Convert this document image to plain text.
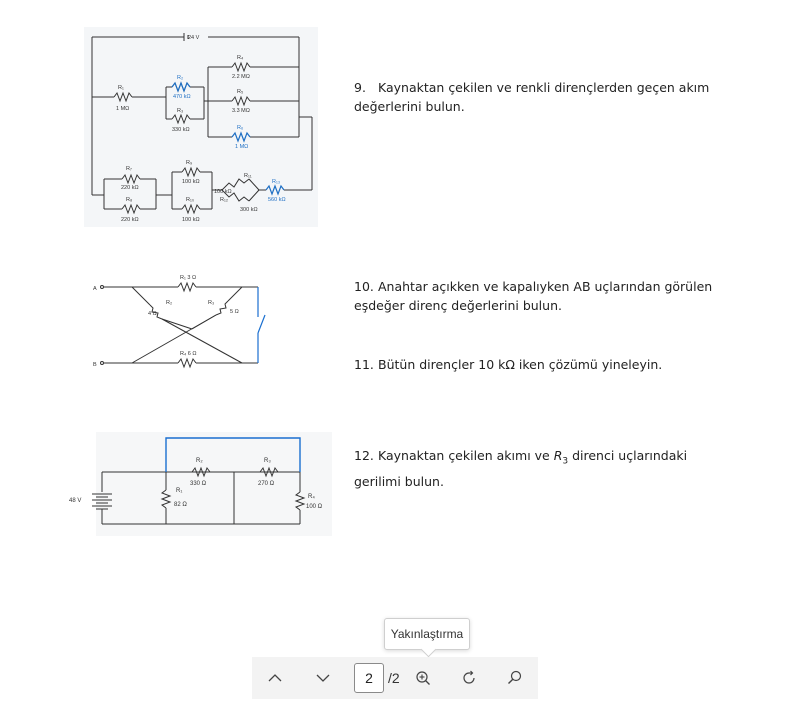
24 V
R₁
1 MΩ
R₂
470 kΩ
R₃
330 kΩ
R₄
2.2 MΩ
R₅
3.3 MΩ
R₆
1 MΩ
R₇
220 kΩ
R₈
220 kΩ
R₉
100 kΩ
R₁₀
100 kΩ
R₁₁
100 kΩ
R₁₂
300 kΩ
R₁₃
560 kΩ
A
B
R₁ 3 Ω
R₂
4 Ω
R₃
5 Ω
R₄ 6 Ω
48 V
R₁
82 Ω
R₂
330 Ω
R₃
270 Ω
R₄
100 Ω
9. Kaynaktan çekilen ve renkli dirençlerden geçen akım değerlerini bulun.
10. Anahtar açıkken ve kapalıyken AB uçlarından görülen eşdeğer direnç değerlerini bulun.
11. Bütün dirençler 10 kΩ iken çözümü yineleyin.
12. Kaynaktan çekilen akımı ve $R_3$ direnci uçlarındaki gerilimi bulun.
Yakınlaştırma
2
/2
